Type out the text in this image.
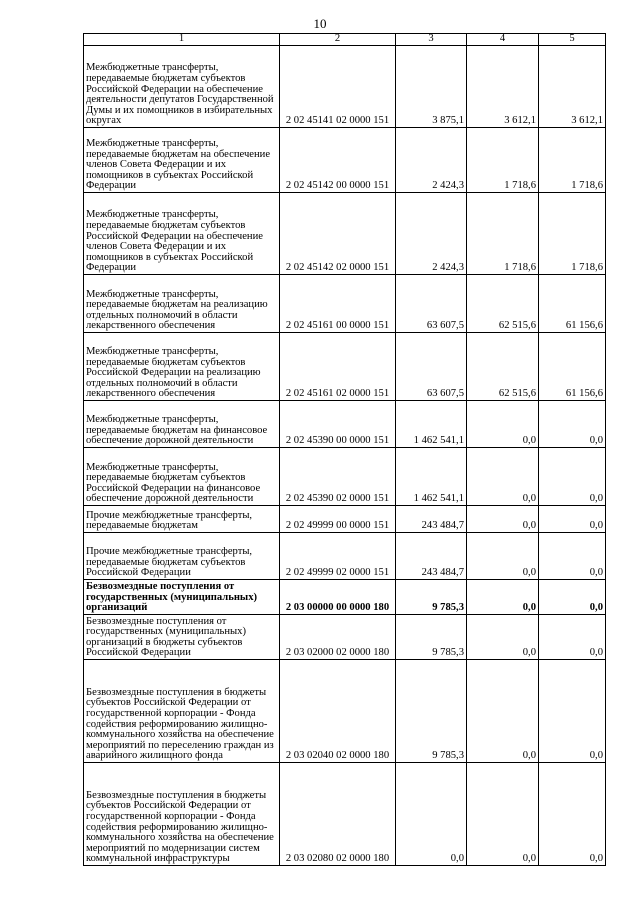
10
1	2	3	4	5
Межбюджетные трансферты, передаваемые бюджетам субъектов Российской Федерации на обеспечение деятельности депутатов Государственной Думы и их помощников в избирательных округах	2 02 45141 02 0000 151	3 875,1	3 612,1	3 612,1
Межбюджетные трансферты, передаваемые бюджетам на обеспечение членов Совета Федерации и их помощников в субъектах Российской Федерации	2 02 45142 00 0000 151	2 424,3	1 718,6	1 718,6
Межбюджетные трансферты, передаваемые бюджетам субъектов Российской Федерации на обеспечение членов Совета Федерации и их помощников в субъектах Российской Федерации	2 02 45142 02 0000 151	2 424,3	1 718,6	1 718,6
Межбюджетные трансферты, передаваемые бюджетам на реализацию отдельных полномочий в области лекарственного обеспечения	2 02 45161 00 0000 151	63 607,5	62 515,6	61 156,6
Межбюджетные трансферты, передаваемые бюджетам субъектов Российской Федерации на реализацию отдельных полномочий в области лекарственного обеспечения	2 02 45161 02 0000 151	63 607,5	62 515,6	61 156,6
Межбюджетные трансферты, передаваемые бюджетам на финансовое обеспечение дорожной деятельности	2 02 45390 00 0000 151	1 462 541,1	0,0	0,0
Межбюджетные трансферты, передаваемые бюджетам субъектов Российской Федерации на финансовое обеспечение дорожной деятельности	2 02 45390 02 0000 151	1 462 541,1	0,0	0,0
Прочие межбюджетные трансферты, передаваемые бюджетам	2 02 49999 00 0000 151	243 484,7	0,0	0,0
Прочие межбюджетные трансферты, передаваемые бюджетам субъектов Российской Федерации	2 02 49999 02 0000 151	243 484,7	0,0	0,0
Безвозмездные поступления от государственных (муниципальных) организаций	2 03 00000 00 0000 180	9 785,3	0,0	0,0
Безвозмездные поступления от государственных (муниципальных) организаций в бюджеты субъектов Российской Федерации	2 03 02000 02 0000 180	9 785,3	0,0	0,0
Безвозмездные поступления в бюджеты субъектов Российской Федерации от государственной корпорации - Фонда содействия реформированию жилищно-коммунального хозяйства на обеспечение мероприятий по переселению граждан из аварийного жилищного фонда	2 03 02040 02 0000 180	9 785,3	0,0	0,0
Безвозмездные поступления в бюджеты субъектов Российской Федерации от государственной корпорации - Фонда содействия реформированию жилищно-коммунального хозяйства на обеспечение мероприятий по модернизации систем коммунальной инфраструктуры	2 03 02080 02 0000 180	0,0	0,0	0,0
